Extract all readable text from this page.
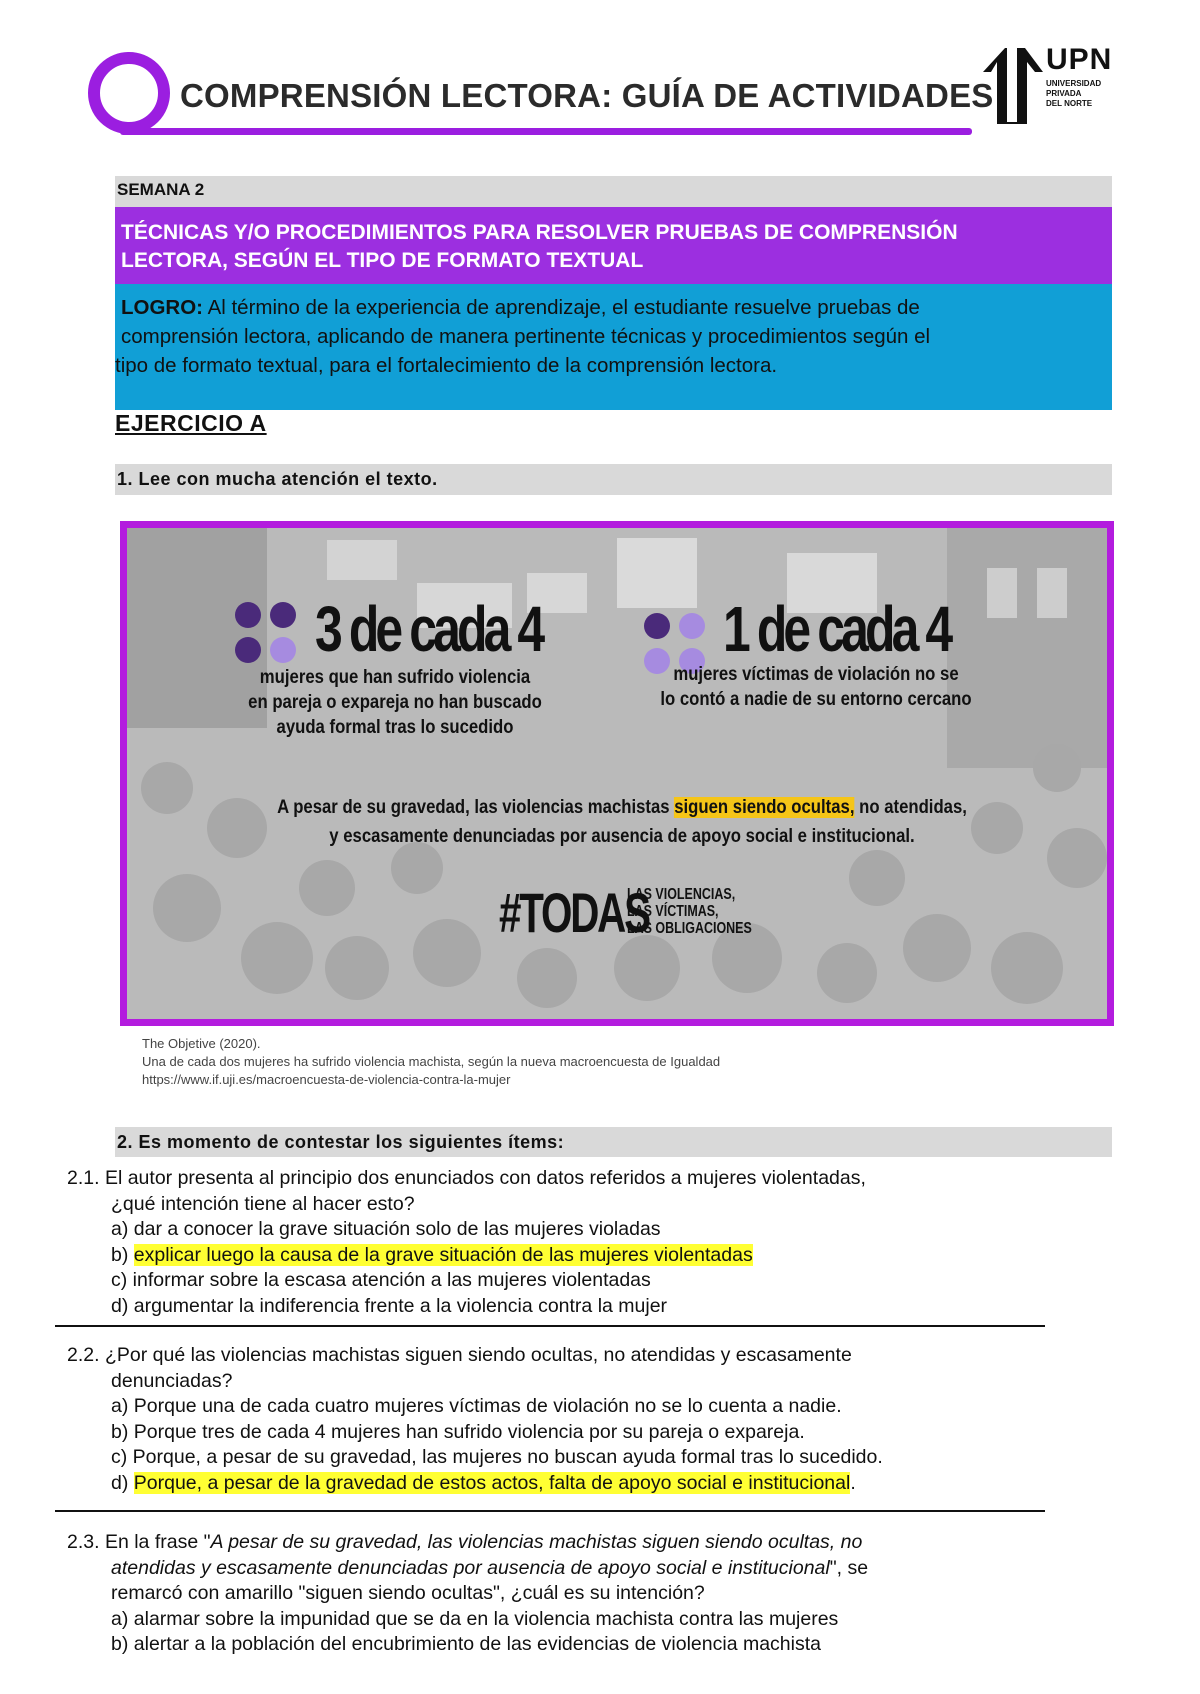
COMPRENSIÓN LECTORA: GUÍA DE ACTIVIDADES
UPN
UNIVERSIDAD
PRIVADA
DEL NORTE
SEMANA 2
TÉCNICAS Y/O PROCEDIMIENTOS PARA RESOLVER PRUEBAS DE COMPRENSIÓN
LECTORA, SEGÚN EL TIPO DE FORMATO TEXTUAL
LOGRO: Al término de la experiencia de aprendizaje, el estudiante resuelve pruebas de
comprensión lectora, aplicando de manera pertinente técnicas y procedimientos según el
tipo de formato textual, para el fortalecimiento de la comprensión lectora.
EJERCICIO A
1. Lee con mucha atención el texto.
3 de cada 4
mujeres que han sufrido violencia
en pareja o expareja no han buscado
ayuda formal tras lo sucedido
1 de cada 4
mujeres víctimas de violación no se
lo contó a nadie de su entorno cercano
A pesar de su gravedad, las violencias machistas siguen siendo ocultas, no atendidas,
y escasamente denunciadas por ausencia de apoyo social e institucional.
#TODAS
LAS VIOLENCIAS,
LAS VÍCTIMAS,
LAS OBLIGACIONES
The Objetive (2020).
Una de cada dos mujeres ha sufrido violencia machista, según la nueva macroencuesta de Igualdad
https://www.if.uji.es/macroencuesta-de-violencia-contra-la-mujer
2. Es momento de contestar los siguientes ítems:
2.1. El autor presenta al principio dos enunciados con datos referidos a mujeres violentadas,
¿qué intención tiene al hacer esto?
a) dar a conocer la grave situación solo de las mujeres violadas
b) explicar luego la causa de la grave situación de las mujeres violentadas
c) informar sobre la escasa atención a las mujeres violentadas
d) argumentar la indiferencia frente a la violencia contra la mujer
2.2. ¿Por qué las violencias machistas siguen siendo ocultas, no atendidas y escasamente
denunciadas?
a) Porque una de cada cuatro mujeres víctimas de violación no se lo cuenta a nadie.
b) Porque tres de cada 4 mujeres han sufrido violencia por su pareja o expareja.
c) Porque, a pesar de su gravedad, las mujeres no buscan ayuda formal tras lo sucedido.
d) Porque, a pesar de la gravedad de estos actos, falta de apoyo social e institucional.
2.3. En la frase "A pesar de su gravedad, las violencias machistas siguen siendo ocultas, no
atendidas y escasamente denunciadas por ausencia de apoyo social e institucional", se
remarcó con amarillo "siguen siendo ocultas", ¿cuál es su intención?
a) alarmar sobre la impunidad que se da en la violencia machista contra las mujeres
b) alertar a la población del encubrimiento de las evidencias de violencia machista
